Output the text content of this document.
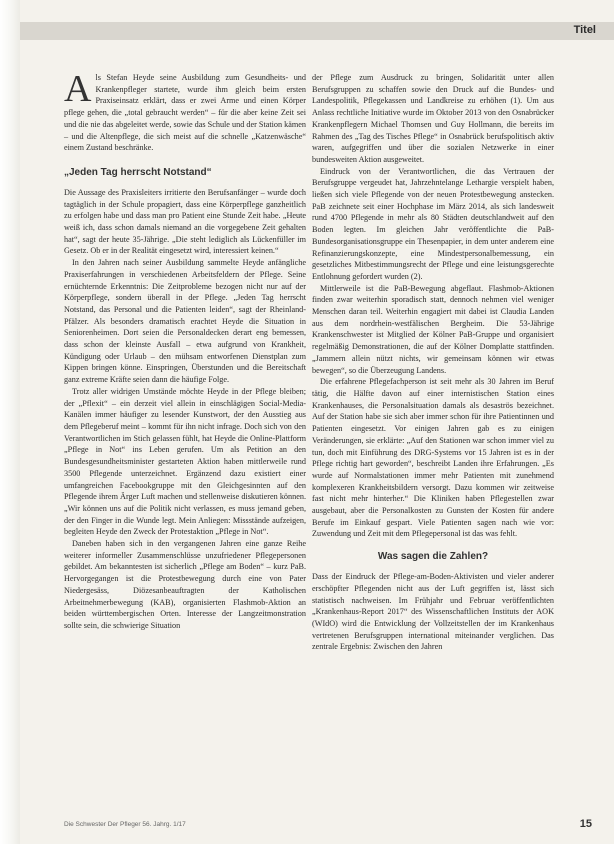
Titel

Als Stefan Heyde seine Ausbildung zum Gesundheits- und Krankenpfleger startete, wurde ihm gleich beim ersten Praxiseinsatz erklärt, dass er zwei Arme und einen Körper pflege gehen, die „total gebraucht werden“ – für die aber keine Zeit sei und die nie das abgeleitet werde, sowie das Schule und der Station kämen – und die Altenpflege, die sich meist auf die schnelle „Katzenwäsche“ einem Zustand beschränke.

„Jeden Tag herrscht Notstand“

Die Aussage des Praxisleiters irritierte den Berufsanfänger – wurde doch tagtäglich in der Schule propagiert, dass eine Körperpflege ganzheitlich zu erfolgen habe und dass man pro Patient eine Stunde Zeit habe. „Heute weiß ich, dass schon damals niemand an die vorgegebene Zeit gehalten hat“, sagt der heute 35-Jährige. „Die steht lediglich als Lückenfüller im Gesetz. Ob er in der Realität eingesetzt wird, interessiert keinen.“

In den Jahren nach seiner Ausbildung sammelte Heyde anfängliche Praxiserfahrungen in verschiedenen Arbeitsfeldern der Pflege. Seine ernüchternde Erkenntnis: Die Zeitprobleme bezogen nicht nur auf der Körperpflege, sondern überall in der Pflege. „Jeden Tag herrscht Notstand, das Personal und die Patienten leiden“, sagt der Rheinland-Pfälzer. Als besonders dramatisch erachtet Heyde die Situation in Seniorenheimen. Dort seien die Personaldecken derart eng bemessen, dass schon der kleinste Ausfall – etwa aufgrund von Krankheit, Kündigung oder Urlaub – den mühsam entworfenen Dienstplan zum Kippen bringen könne. Einspringen, Überstunden und die Bereitschaft ganz extreme Kräfte seien dann die häufige Folge.

Trotz aller widrigen Umstände möchte Heyde in der Pflege bleiben; der „Pflexit“ – ein derzeit viel allein in einschlägigen Social-Media-Kanälen immer häufiger zu lesender Kunstwort, der den Ausstieg aus dem Pflegeberuf meint – kommt für ihn nicht infrage. Doch sich von den Verantwortlichen im Stich gelassen fühlt, hat Heyde die Online-Plattform „Pflege in Not“ ins Leben gerufen. Um als Petition an den Bundesgesundheitsminister gestarteten Aktion haben mittlerweile rund 3500 Pflegende unterzeichnet. Ergänzend dazu existiert einer umfangreichen Facebookgruppe mit den Gleichgesinnten auf den Pflegende ihrem Ärger Luft machen und stellenweise diskutieren können. „Wir können uns auf die Politik nicht verlassen, es muss jemand geben, der den Finger in die Wunde legt. Mein Anliegen: Missstände aufzeigen, begleiten Heyde den Zweck der Protestaktion „Pflege in Not“.

Daneben haben sich in den vergangenen Jahren eine ganze Reihe weiterer informeller Zusammenschlüsse unzufriedener Pflegepersonen gebildet. Am bekanntesten ist sicherlich „Pflege am Boden“ – kurz PaB. Hervorgegangen ist die Protestbewegung durch eine von Pater Niedergesäss, Diözesanbeauftragten der Katholischen Arbeitnehmerbewegung (KAB), organisierten Flashmob-Aktion an beiden württembergischen Orten. Interesse der Langzeitmonstration sollte sein, die schwierige Situation

der Pflege zum Ausdruck zu bringen, Solidarität unter allen Berufsgruppen zu schaffen sowie den Druck auf die Bundes- und Landespolitik, Pflegekassen und Landkreise zu erhöhen (1). Um aus Anlass rechtliche Initiative wurde im Oktober 2013 von den Osnabrücker Krankenpflegern Michael Thomsen und Guy Hollmann, die bereits im Rahmen des „Tag des Tisches Pflege“ in Osnabrück berufspolitisch aktiv waren, aufgegriffen und über die sozialen Netzwerke in einer bundesweiten Aktion ausgeweitet.

Eindruck von der Verantwortlichen, die das Vertrauen der Berufsgruppe vergeudet hat, Jahrzehntelange Lethargie verspielt haben, ließen sich viele Pflegende von der neuen Protestbewegung anstecken. PaB zeichnete seit einer Hochphase im März 2014, als sich landesweit rund 4700 Pflegende in mehr als 80 Städten deutschlandweit auf den Boden legten. Im gleichen Jahr veröffentlichte die PaB-Bundesorganisationsgruppe ein Thesenpapier, in dem unter anderem eine Refinanzierungskonzepte, eine Mindestpersonalbemessung, ein gesetzliches Mitbestimmungsrecht der Pflege und eine leistungsgerechte Entlohnung gefordert wurden (2).

Mittlerweile ist die PaB-Bewegung abgeflaut. Flashmob-Aktionen finden zwar weiterhin sporadisch statt, dennoch nehmen viel weniger Menschen daran teil. Weiterhin engagiert mit dabei ist Claudia Landen aus dem nordrhein-westfälischen Bergheim. Die 53-Jährige Krankenschwester ist Mitglied der Kölner PaB-Gruppe und organisiert regelmäßig Demonstrationen, die auf der Kölner Domplatte stattfinden. „Jammern allein nützt nichts, wir gemeinsam können wir etwas bewegen“, so die Überzeugung Landens.

Die erfahrene Pflegefachperson ist seit mehr als 30 Jahren im Beruf tätig, die Hälfte davon auf einer internistischen Station eines Krankenhauses, die Personalsituation damals als desaströs bezeichnet. Auf der Station habe sie sich aber immer schon für ihre Patientinnen und Patienten eingesetzt. Vor einigen Jahren gab es zu einigen Veränderungen, sie erklärte: „Auf den Stationen war schon immer viel zu tun, doch mit Einführung des DRG-Systems vor 15 Jahren ist es in der Pflege richtig hart geworden“, beschreibt Landen ihre Erfahrungen. „Es wurde auf Normalstationen immer mehr Patienten mit zunehmend komplexeren Krankheitsbildern versorgt. Dazu kommen wir zeitweise fast nicht mehr hinterher.“ Die Kliniken haben Pflegestellen zwar ausgebaut, aber die Personalkosten zu Gunsten der Kosten für andere Berufe im Einkauf gespart. Viele Patienten sagen nach wie vor: Zuwendung und Zeit mit dem Pflegepersonal ist das was fehlt.

Was sagen die Zahlen?

Dass der Eindruck der Pflege-am-Boden-Aktivisten und vieler anderer erschöpfter Pflegenden nicht aus der Luft gegriffen ist, lässt sich statistisch nachweisen. Im Frühjahr und Februar veröffentlichten „Krankenhaus-Report 2017“ des Wissenschaftlichen Instituts der AOK (WIdO) wird die Entwicklung der Vollzeitstellen der im Krankenhaus vertretenen Berufsgruppen international miteinander verglichen. Das zentrale Ergebnis: Zwischen den Jahren

Die Schwester Der Pfleger 56. Jahrg. 1/17	15
